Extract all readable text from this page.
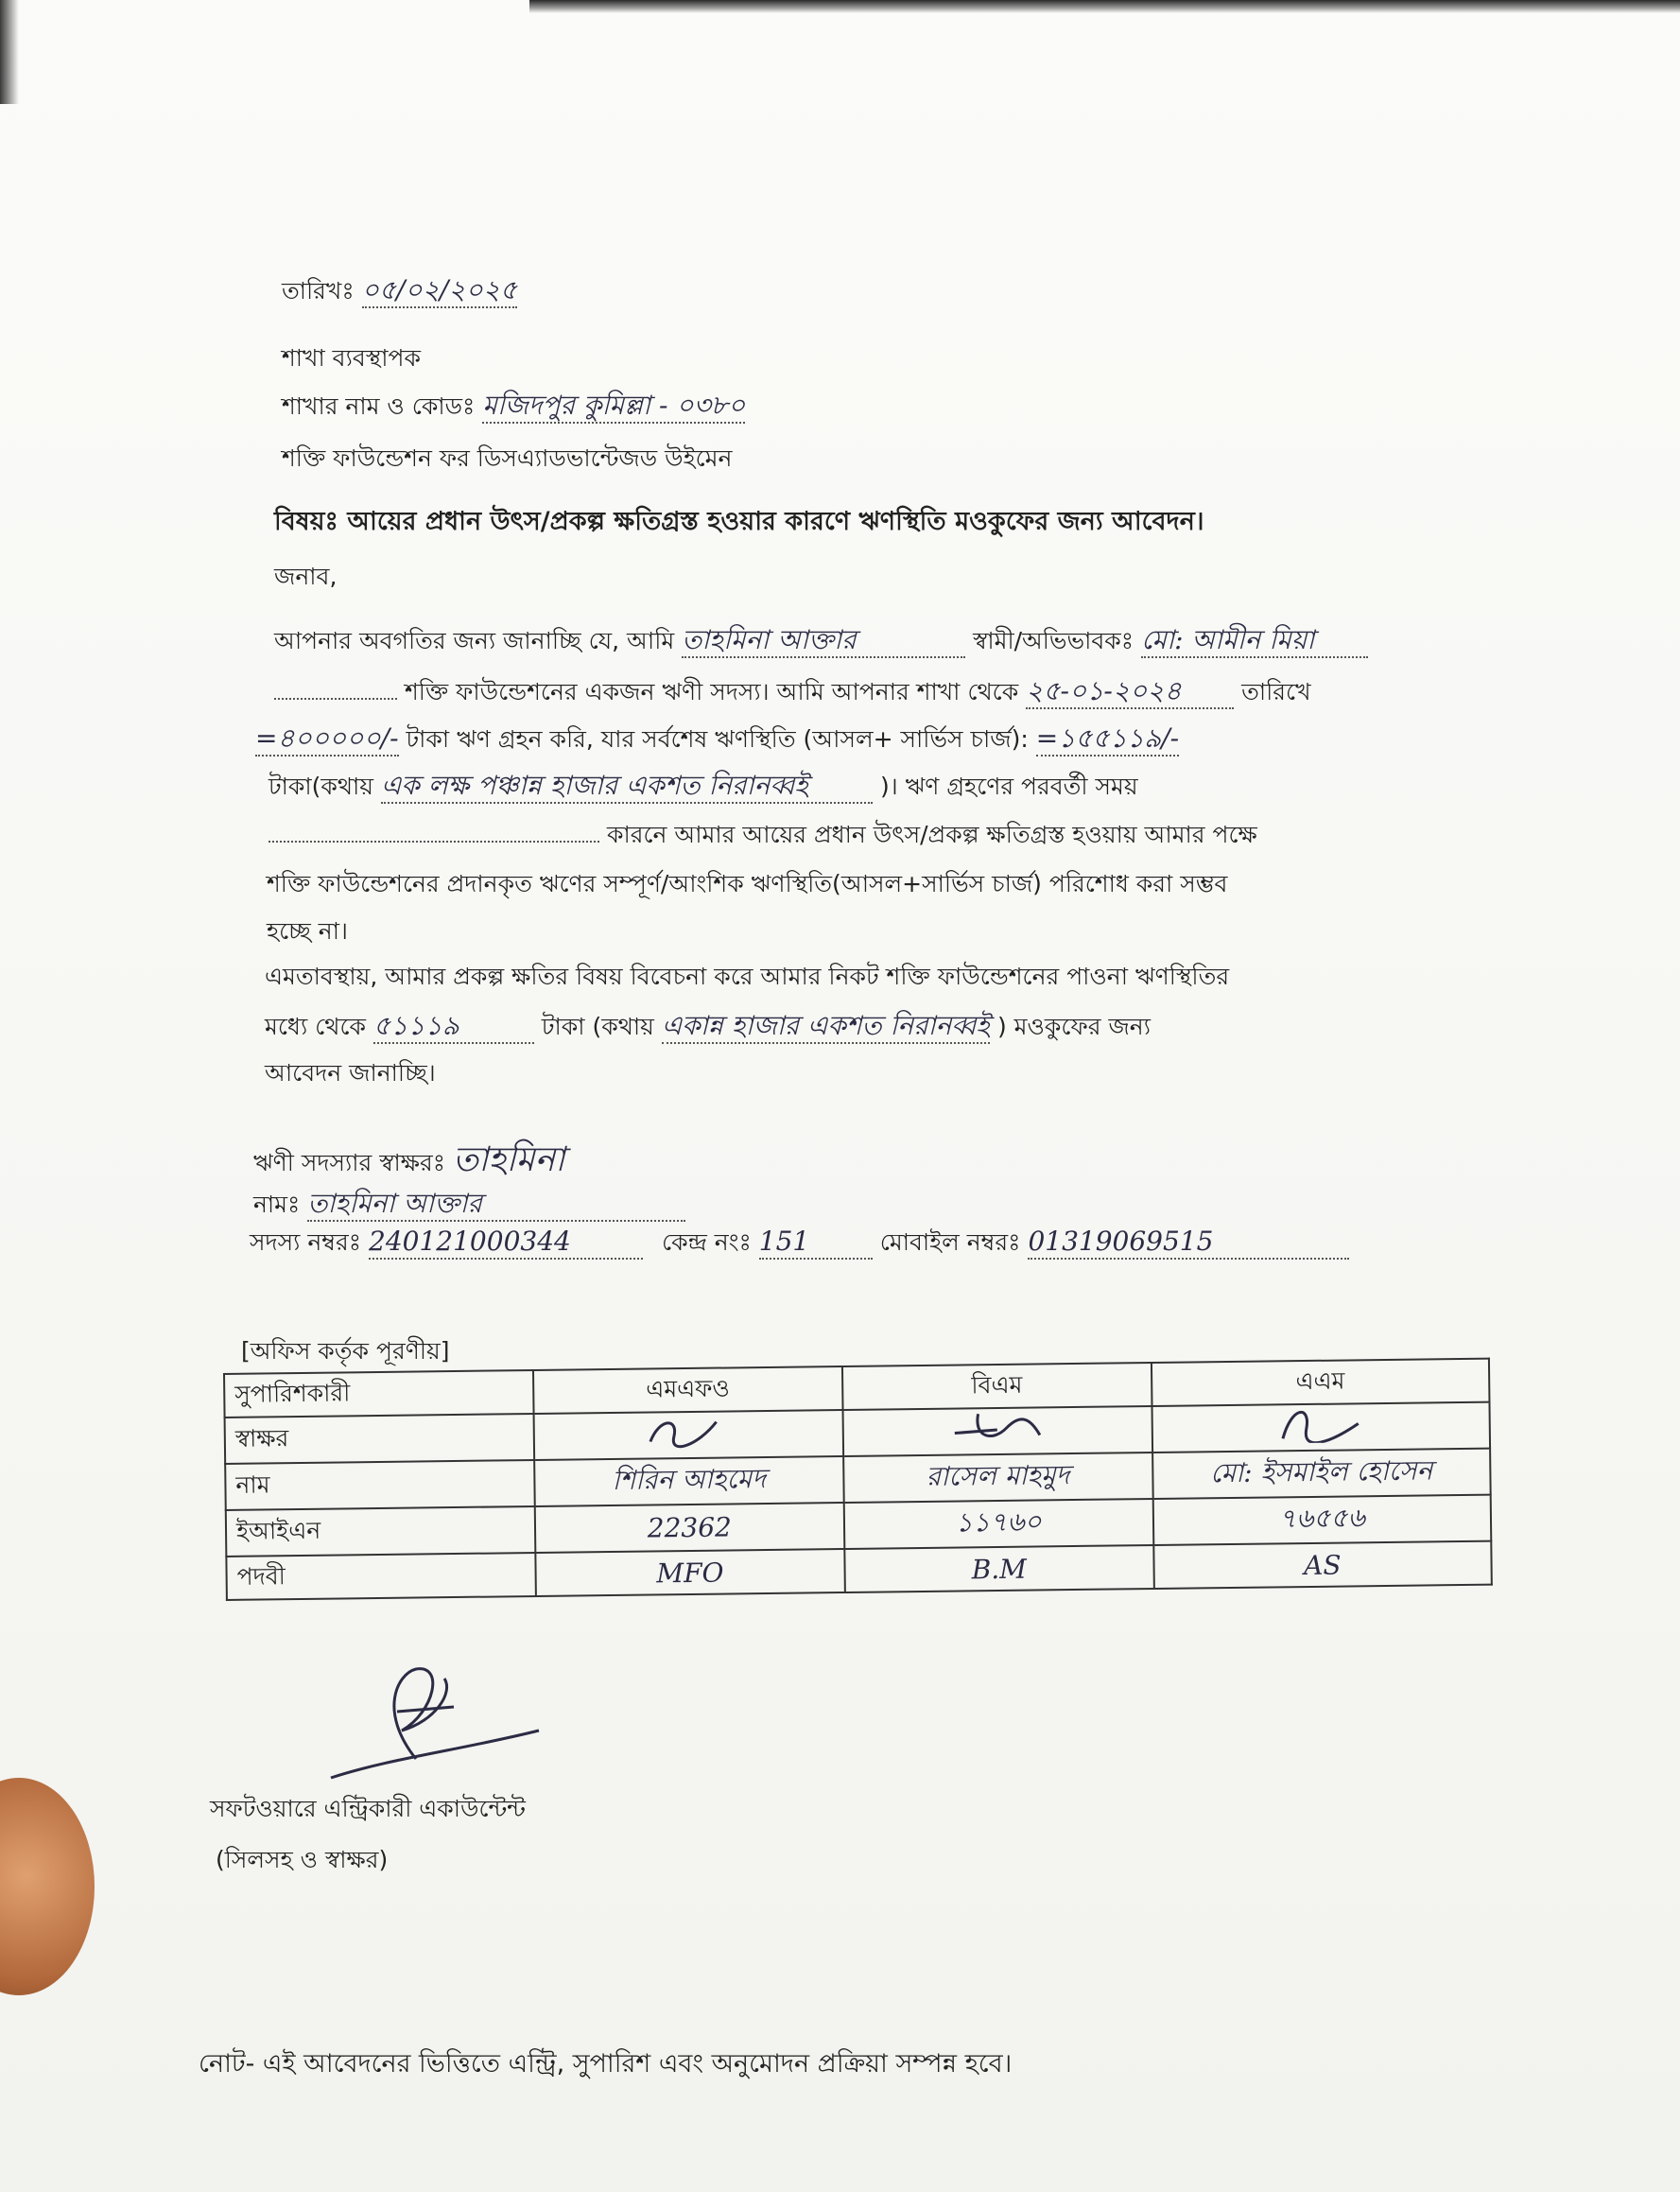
তারিখঃ ০৫/০২/২০২৫
শাখা ব্যবস্থাপক
শাখার নাম ও কোডঃ মজিদপুর কুমিল্লা - ০৩৮০
শক্তি ফাউন্ডেশন ফর ডিসএ্যাডভান্টেজড উইমেন
বিষয়ঃ আয়ের প্রধান উৎস/প্রকল্প ক্ষতিগ্রস্ত হওয়ার কারণে ঋণস্থিতি মওকুফের জন্য আবেদন।
জনাব,
আপনার অবগতির জন্য জানাচ্ছি যে, আমি তাহমিনা আক্তার	স্বামী/অভিভাবকঃ মো: আমীন মিয়া
শক্তি ফাউন্ডেশনের একজন ঋণী সদস্য। আমি আপনার শাখা থেকে ২৫-০১-২০২৪	তারিখে
=৪০০০০০/- টাকা ঋণ গ্রহন করি, যার সর্বশেষ ঋণস্থিতি (আসল+ সার্ভিস চার্জ): =১৫৫১১৯/-
টাকা(কথায় এক লক্ষ পঞ্চান্ন হাজার একশত নিরানব্বই	)। ঋণ গ্রহণের পরবর্তী সময়
কারনে আমার আয়ের প্রধান উৎস/প্রকল্প ক্ষতিগ্রস্ত হওয়ায় আমার পক্ষে
শক্তি ফাউন্ডেশনের প্রদানকৃত ঋণের সম্পূর্ণ/আংশিক ঋণস্থিতি(আসল+সার্ভিস চার্জ) পরিশোধ করা সম্ভব
হচ্ছে না।
এমতাবস্থায়, আমার প্রকল্প ক্ষতির বিষয় বিবেচনা করে আমার নিকট শক্তি ফাউন্ডেশনের পাওনা ঋণস্থিতির
মধ্যে থেকে ৫১১১৯	টাকা (কথায় একান্ন হাজার একশত নিরানব্বই ) মওকুফের জন্য
আবেদন জানাচ্ছি।
ঋণী সদস্যার স্বাক্ষরঃ তাহমিনা
নামঃ তাহমিনা আক্তার
সদস্য নম্বরঃ 240121000344	কেন্দ্র নংঃ 151	মোবাইল নম্বরঃ 01319069515
[অফিস কর্তৃক পূরণীয়]
সুপারিশকারী	এমএফও	বিএম	এএম
স্বাক্ষর			
নাম	শিরিন আহমেদ	রাসেল মাহমুদ	মো: ইসমাইল হোসেন
ইআইএন	22362	১১৭৬০	৭৬৫৫৬
পদবী	MFO	B.M	AS
সফটওয়ারে এন্ট্রিকারী একাউন্টেন্ট
(সিলসহ ও স্বাক্ষর)
নোট- এই আবেদনের ভিত্তিতে এন্ট্রি, সুপারিশ এবং অনুমোদন প্রক্রিয়া সম্পন্ন হবে।
